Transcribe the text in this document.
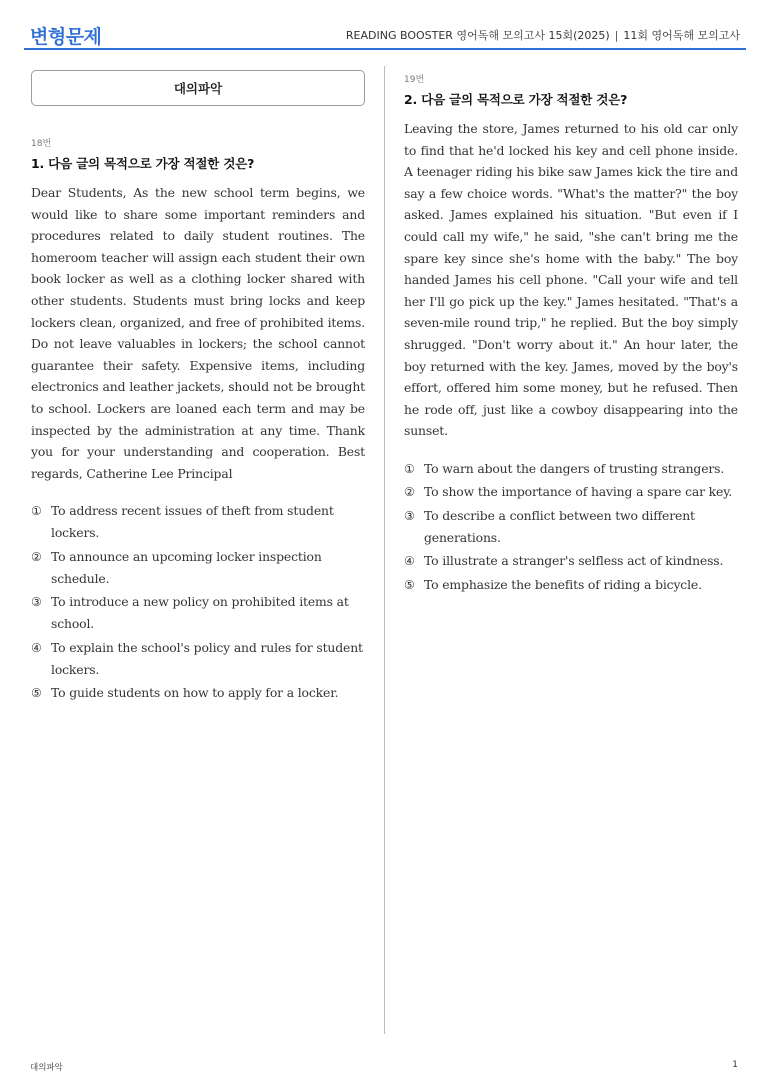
변형문제	READING BOOSTER 영어독해 모의고사 15회(2025) | 11회 영어독해 모의고사
대의파악
18번
1. 다음 글의 목적으로 가장 적절한 것은?
Dear Students, As the new school term begins, we would like to share some important reminders and procedures related to daily student routines. The homeroom teacher will assign each student their own book locker as well as a clothing locker shared with other students. Students must bring locks and keep lockers clean, organized, and free of prohibited items. Do not leave valuables in lockers; the school cannot guarantee their safety. Expensive items, including electronics and leather jackets, should not be brought to school. Lockers are loaned each term and may be inspected by the administration at any time. Thank you for your understanding and cooperation. Best regards, Catherine Lee Principal
① To address recent issues of theft from student lockers.
② To announce an upcoming locker inspection schedule.
③ To introduce a new policy on prohibited items at school.
④ To explain the school's policy and rules for student lockers.
⑤ To guide students on how to apply for a locker.
19번
2. 다음 글의 목적으로 가장 적절한 것은?
Leaving the store, James returned to his old car only to find that he'd locked his key and cell phone inside. A teenager riding his bike saw James kick the tire and say a few choice words. "What's the matter?" the boy asked. James explained his situation. "But even if I could call my wife," he said, "she can't bring me the spare key since she's home with the baby." The boy handed James his cell phone. "Call your wife and tell her I'll go pick up the key." James hesitated. "That's a seven-mile round trip," he replied. But the boy simply shrugged. "Don't worry about it." An hour later, the boy returned with the key. James, moved by the boy's effort, offered him some money, but he refused. Then he rode off, just like a cowboy disappearing into the sunset.
① To warn about the dangers of trusting strangers.
② To show the importance of having a spare car key.
③ To describe a conflict between two different generations.
④ To illustrate a stranger's selfless act of kindness.
⑤ To emphasize the benefits of riding a bicycle.
대의파악	1
